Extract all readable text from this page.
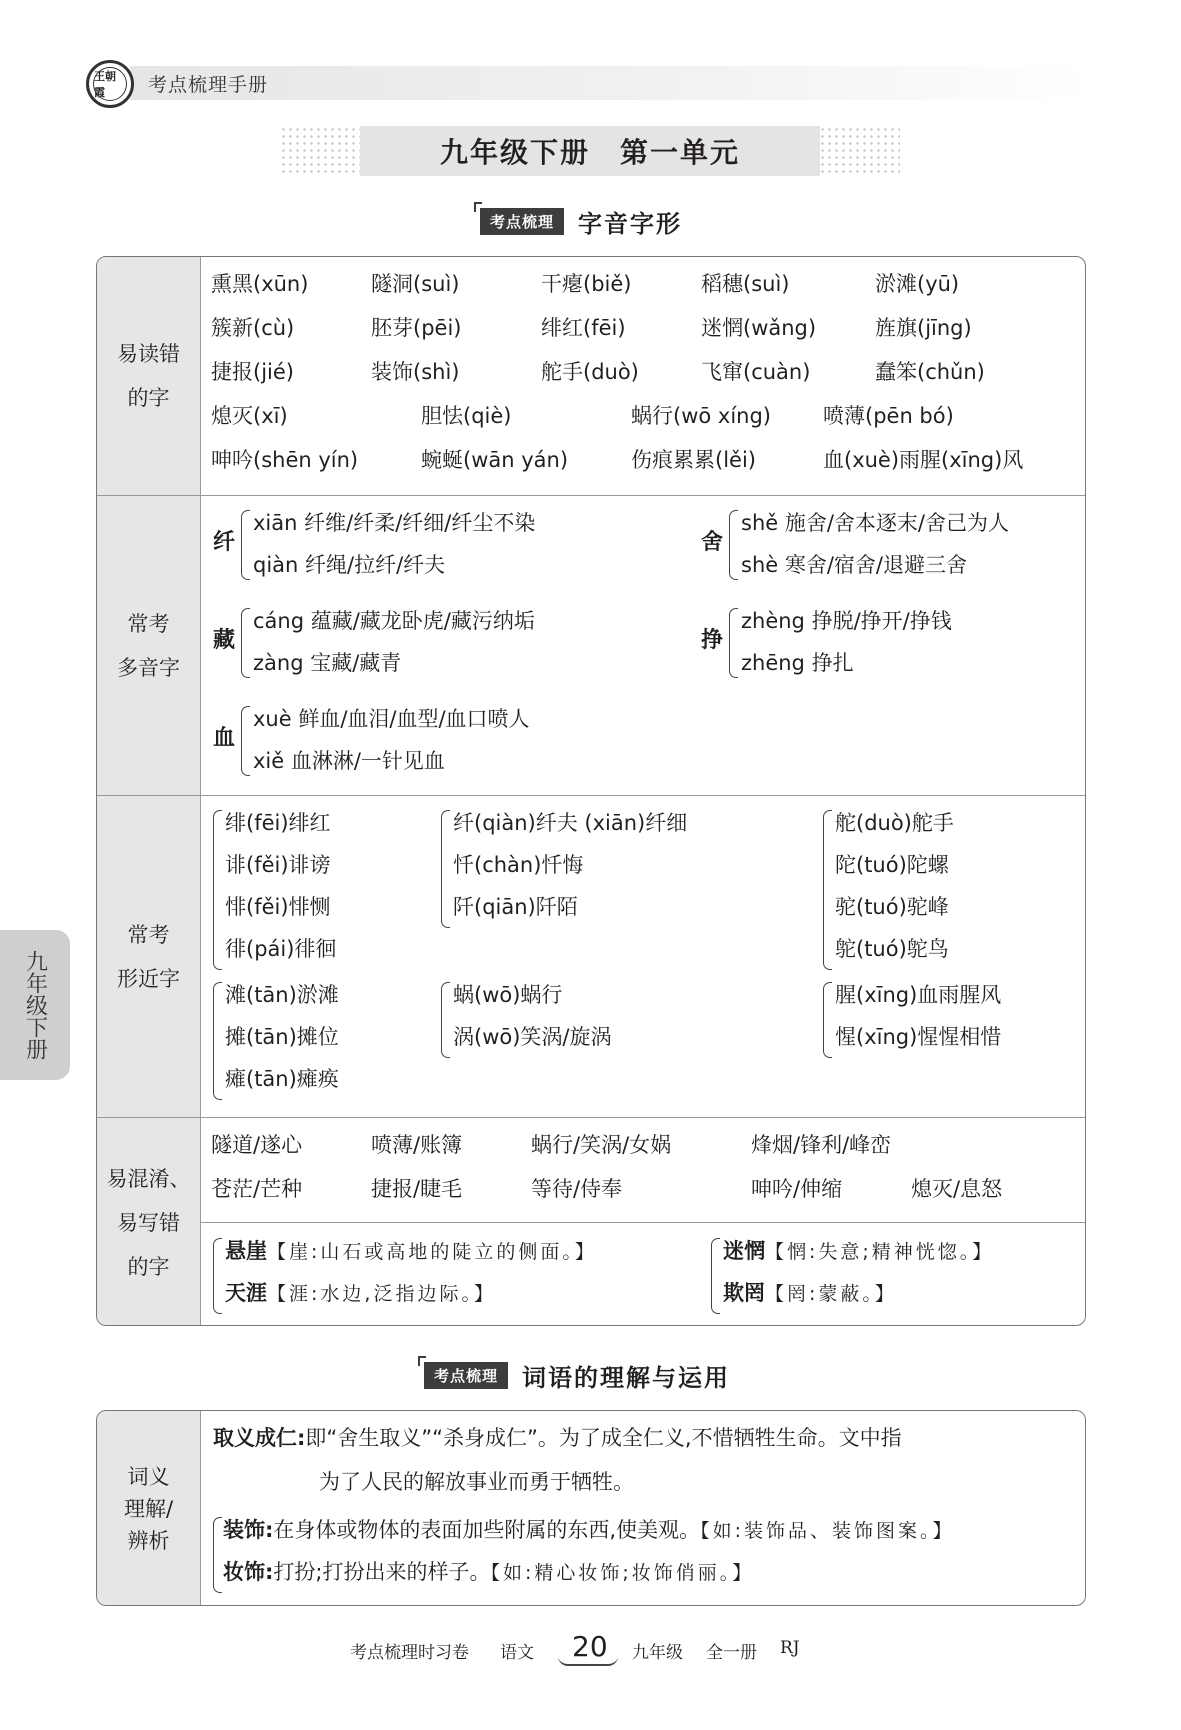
王朝霞	考点梳理手册
九年级下册 第一单元
考点梳理	字音字形
易读错
的字
熏黑(xūn)	隧洞(suì)	干瘪(biě)	稻穗(suì)	淤滩(yū)
簇新(cù)	胚芽(pēi)	绯红(fēi)	迷惘(wǎng)	旌旗(jīng)
捷报(jié)	装饰(shì)	舵手(duò)	飞窜(cuàn)	蠢笨(chǔn)
熄灭(xī)	胆怯(qiè)	蜗行(wō xíng) 喷薄(pēn bó)
呻吟(shēn yín)	蜿蜒(wān yán)	伤痕累累(lěi)	血(xuè)雨腥(xīng)风
常考
多音字
纤
xiān 纤维/纤柔/纤细/纤尘不染
qiàn 纤绳/拉纤/纤夫
舍
shě 施舍/舍本逐末/舍己为人
shè 寒舍/宿舍/退避三舍
藏
cáng 蕴藏/藏龙卧虎/藏污纳垢
zàng 宝藏/藏青
挣
zhèng 挣脱/挣开/挣钱
zhēng 挣扎
血
xuè 鲜血/血泪/血型/血口喷人
xiě 血淋淋/一针见血
常考
形近字
绯(fēi)绯红
诽(fěi)诽谤
悱(fěi)悱恻
徘(pái)徘徊
纤(qiàn)纤夫 (xiān)纤细
忏(chàn)忏悔
阡(qiān)阡陌
舵(duò)舵手
陀(tuó)陀螺
驼(tuó)驼峰
鸵(tuó)鸵鸟
滩(tān)淤滩
摊(tān)摊位
瘫(tān)瘫痪
蜗(wō)蜗行
涡(wō)笑涡/旋涡
腥(xīng)血雨腥风
惺(xīng)惺惺相惜
易混淆、
易写错
的字
隧道/遂心	喷薄/账簿	蜗行/笑涡/女娲	烽烟/锋利/峰峦
苍茫/芒种	捷报/睫毛	等待/侍奉	呻吟/伸缩	熄灭/息怒
悬崖【崖:山石或高地的陡立的侧面。】
天涯【涯:水边,泛指边际。】
迷惘【惘:失意;精神恍惚。】
欺罔【罔:蒙蔽。】
考点梳理	词语的理解与运用
词义
理解/
辨析
取义成仁:即“舍生取义”“杀身成仁”。为了成全仁义,不惜牺牲生命。文中指
为了人民的解放事业而勇于牺牲。
装饰:在身体或物体的表面加些附属的东西,使美观。【如:装饰品、装饰图案。】
妆饰:打扮;打扮出来的样子。【如:精心妆饰;妆饰俏丽。】
九年级下册
考点梳理时习卷 语文 20 九年级 全一册 RJ
